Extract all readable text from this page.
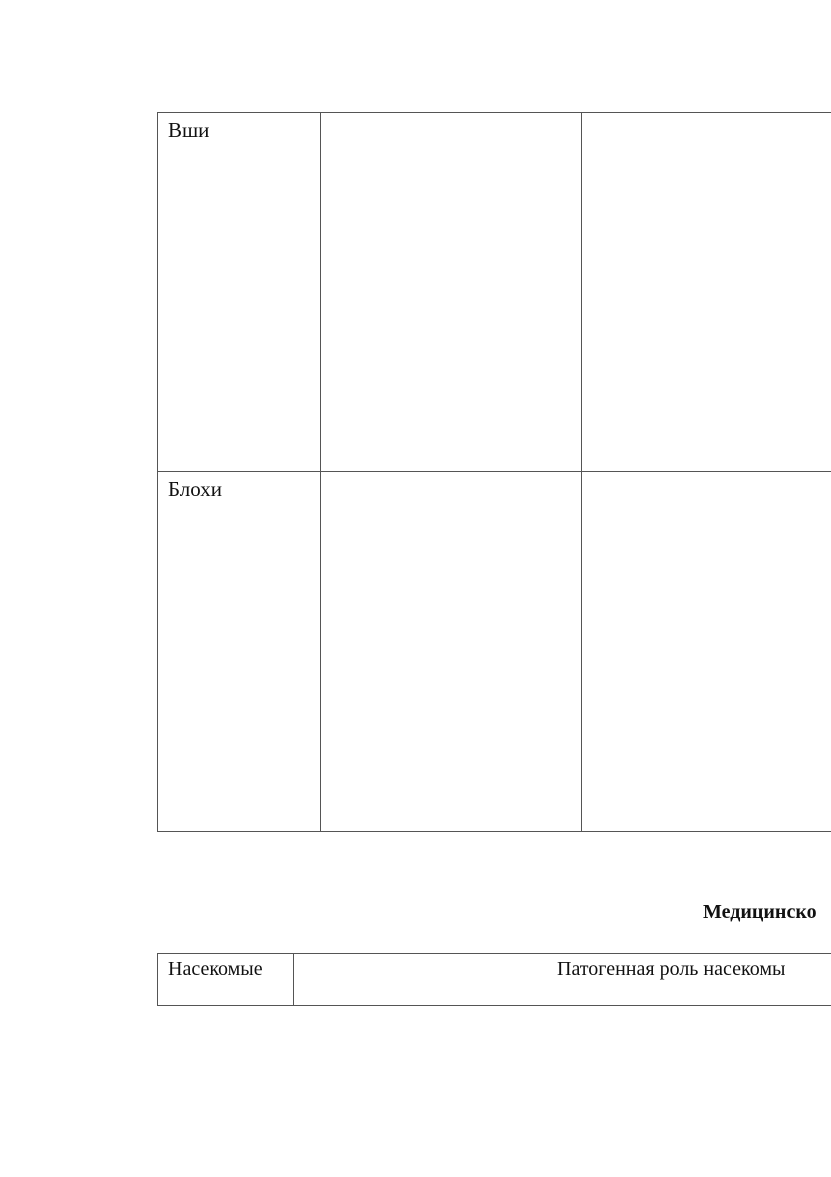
Вши
Блохи
Медицинско
Насекомые	Патогенная роль насекомы
